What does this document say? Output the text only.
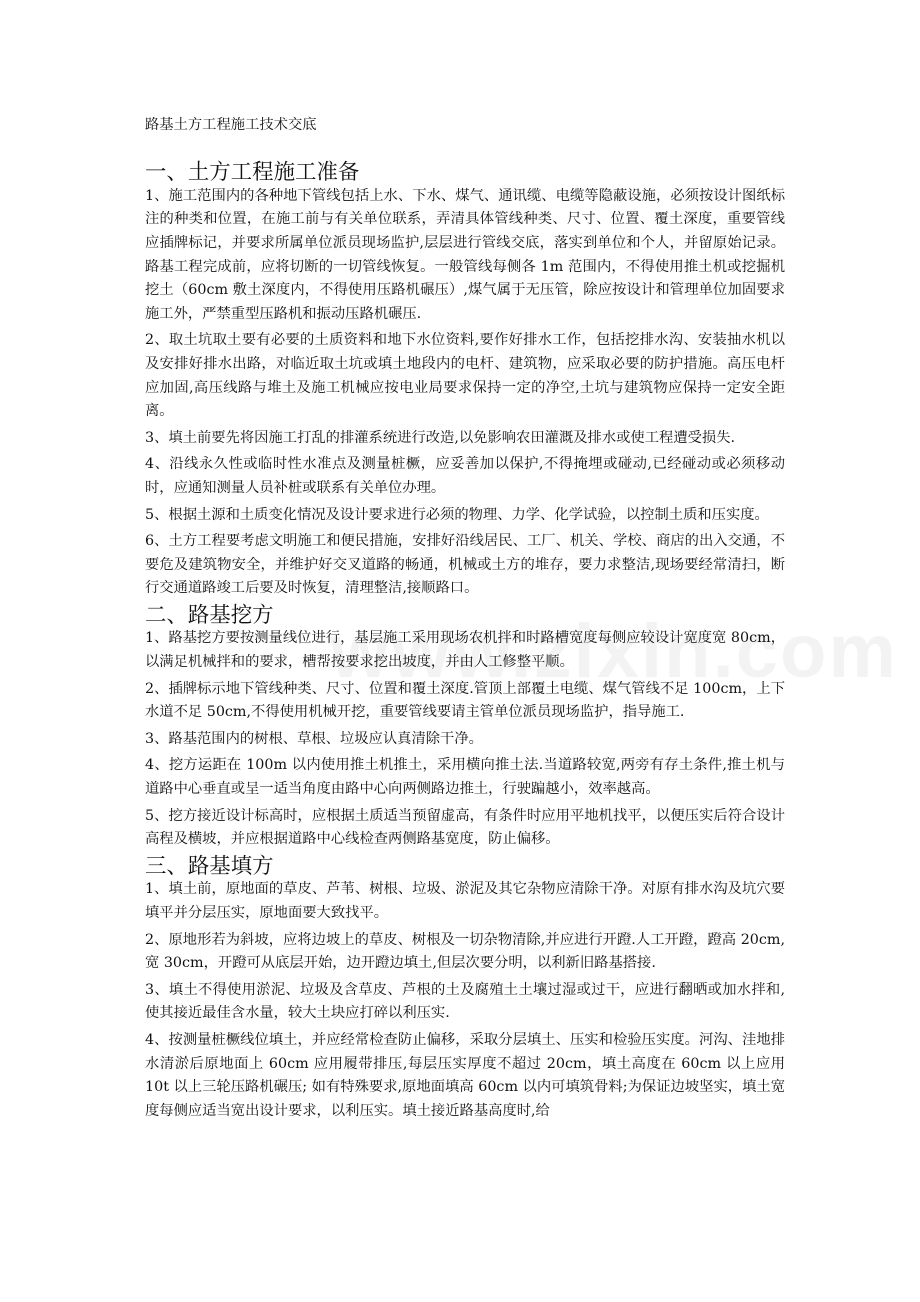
路基土方工程施工技术交底
一、土方工程施工准备

1、施工范围内的各种地下管线包括上水、下水、煤气、通讯缆、电缆等隐蔽设施，必须按设计图纸标注的种类和位置，在施工前与有关单位联系，弄清具体管线种类、尺寸、位置、覆土深度，重要管线应插牌标记，并要求所属单位派员现场监护,层层进行管线交底，落实到单位和个人，并留原始记录。路基工程完成前，应将切断的一切管线恢复。一般管线每侧各 1m 范围内，不得使用推土机或挖掘机挖土（60cm 敷土深度内，不得使用压路机碾压）,煤气属于无压管，除应按设计和管理单位加固要求施工外，严禁重型压路机和振动压路机碾压.

2、取土坑取土要有必要的土质资料和地下水位资料,要作好排水工作，包括挖排水沟、安装抽水机以及安排好排水出路，对临近取土坑或填土地段内的电杆、建筑物，应采取必要的防护措施。高压电杆应加固,高压线路与堆土及施工机械应按电业局要求保持一定的净空,土坑与建筑物应保持一定安全距离。

3、填土前要先将因施工打乱的排灌系统进行改造,以免影响农田灌溉及排水或使工程遭受损失.

4、沿线永久性或临时性水准点及测量桩橛，应妥善加以保护,不得掩埋或碰动,已经碰动或必须移动时，应通知测量人员补桩或联系有关单位办理。

5、根据土源和土质变化情况及设计要求进行必须的物理、力学、化学试验，以控制土质和压实度。

6、土方工程要考虑文明施工和便民措施，安排好沿线居民、工厂、机关、学校、商店的出入交通，不要危及建筑物安全，并维护好交叉道路的畅通，机械或土方的堆存，要力求整洁,现场要经常清扫，断行交通道路竣工后要及时恢复，清理整洁,接顺路口。

二、路基挖方

1、路基挖方要按测量线位进行，基层施工采用现场农机拌和时路槽宽度每侧应较设计宽度宽 80cm，以满足机械拌和的要求，槽帮按要求挖出坡度，并由人工修整平顺。

2、插牌标示地下管线种类、尺寸、位置和覆土深度.管顶上部覆土电缆、煤气管线不足 100cm，上下水道不足 50cm,不得使用机械开挖，重要管线要请主管单位派员现场监护，指导施工.

3、路基范围内的树根、草根、垃圾应认真清除干净。

4、挖方运距在 100m 以内使用推土机推土，采用横向推土法.当道路较宽,两旁有存土条件,推土机与道路中心垂直或呈一适当角度由路中心向两侧路边推土，行驶蹁越小，效率越高。

5、挖方接近设计标高时，应根据土质适当预留虚高，有条件时应用平地机找平，以便压实后符合设计高程及横坡，并应根据道路中心线检查两侧路基宽度，防止偏移。

三、路基填方

1、填土前，原地面的草皮、芦苇、树根、垃圾、淤泥及其它杂物应清除干净。对原有排水沟及坑穴要填平并分层压实，原地面要大致找平。

2、原地形若为斜坡，应将边坡上的草皮、树根及一切杂物清除,并应进行开蹬.人工开蹬，蹬高 20cm,宽 30cm，开蹬可从底层开始，边开蹬边填土,但层次要分明，以利新旧路基搭接.

3、填土不得使用淤泥、垃圾及含草皮、芦根的土及腐殖土土壤过湿或过干，应进行翻晒或加水拌和,使其接近最佳含水量，较大土块应打碎以利压实.

4、按测量桩橛线位填土，并应经常检查防止偏移，采取分层填土、压实和检验压实度。河沟、洼地排水清淤后原地面上 60cm 应用履带排压,每层压实厚度不超过 20cm，填土高度在 60cm 以上应用 10t 以上三轮压路机碾压; 如有特殊要求,原地面填高 60cm 以内可填筑骨料;为保证边坡坚实，填土宽度每侧应适当宽出设计要求，以利压实。填土接近路基高度时,给
